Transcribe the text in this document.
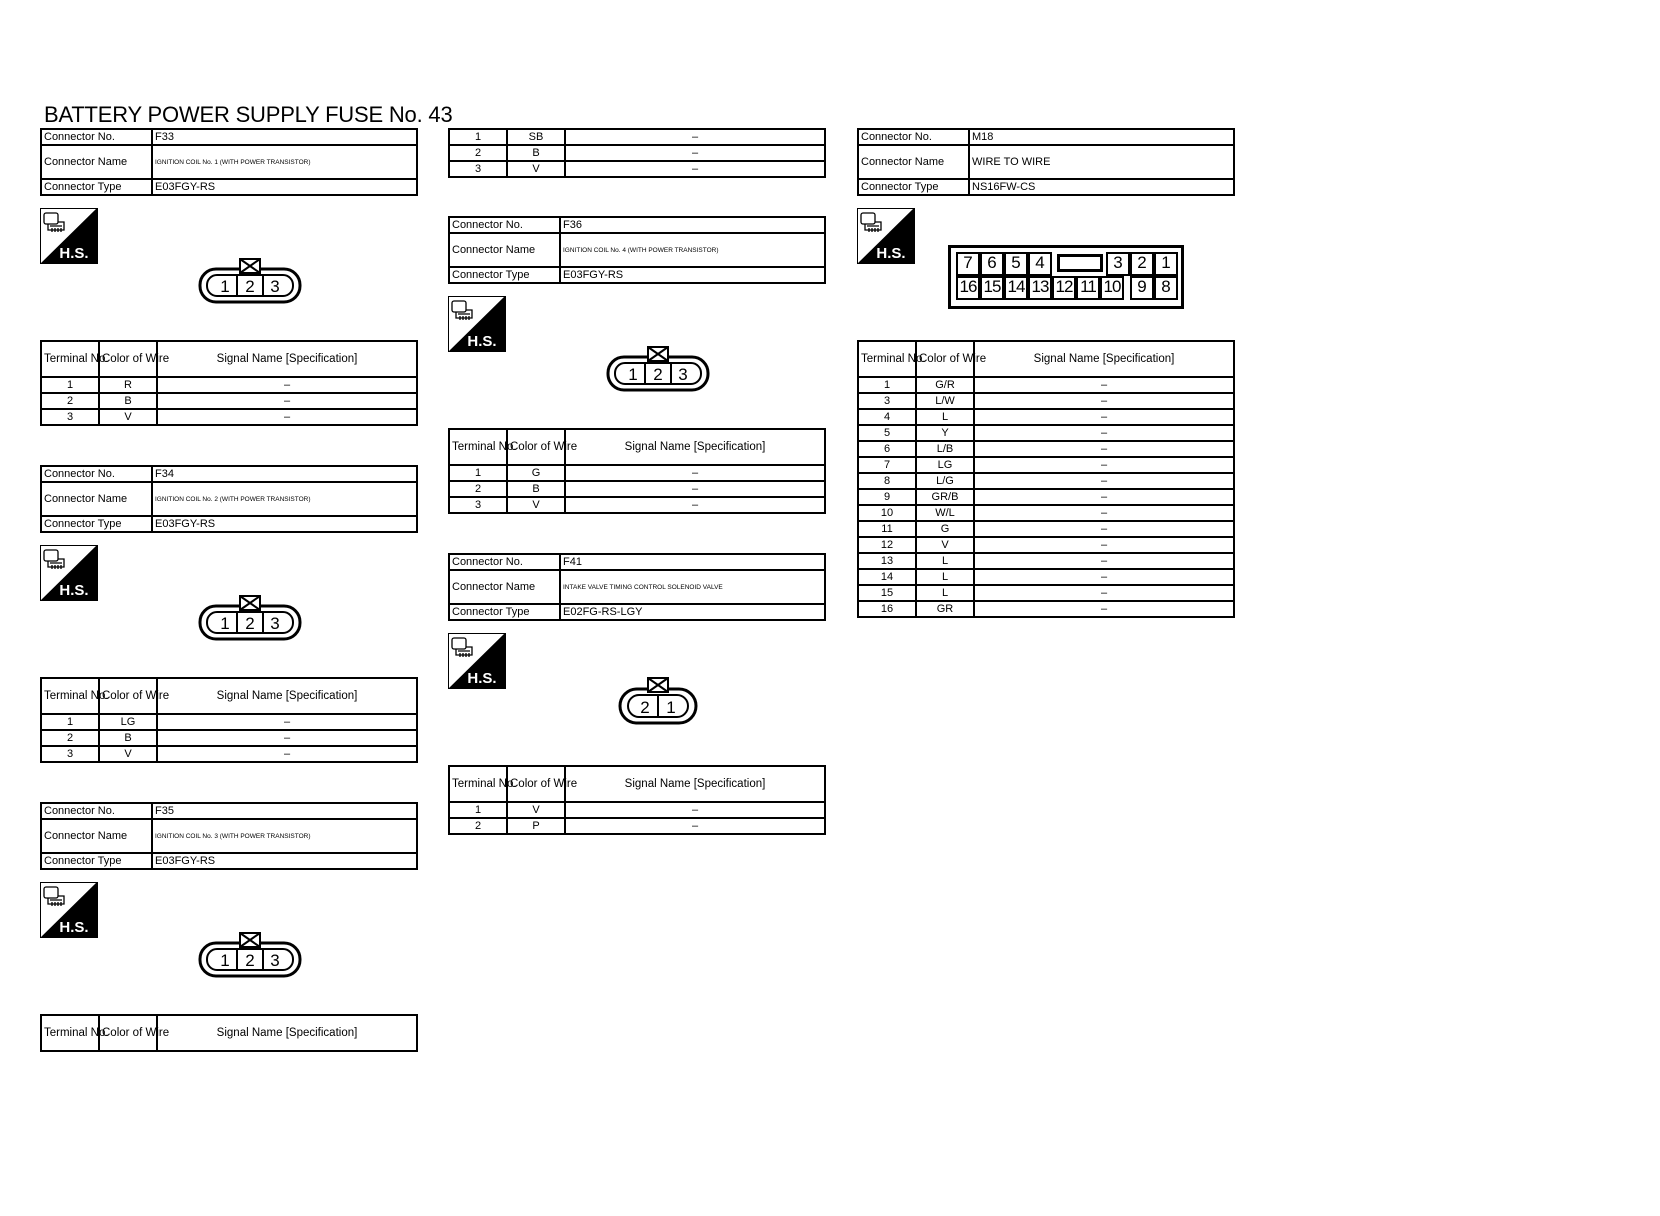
BATTERY POWER SUPPLY FUSE No. 43
Connector No.	F33
Connector Name	IGNITION COIL No. 1 (WITH POWER TRANSISTOR)
Connector Type	E03FGY-RS
H.S.
1 2 3
Terminal No.	Color of Wire	Signal Name [Specification]
1	R	–
2	B	–
3	V	–
Connector No.	F34
Connector Name	IGNITION COIL No. 2 (WITH POWER TRANSISTOR)
Connector Type	E03FGY-RS
H.S.
1 2 3
Terminal No.	Color of Wire	Signal Name [Specification]
1	LG	–
2	B	–
3	V	–
Connector No.	F35
Connector Name	IGNITION COIL No. 3 (WITH POWER TRANSISTOR)
Connector Type	E03FGY-RS
H.S.
1 2 3
Terminal No.	Color of Wire	Signal Name [Specification]
1	SB	–
2	B	–
3	V	–
Connector No.	F36
Connector Name	IGNITION COIL No. 4 (WITH POWER TRANSISTOR)
Connector Type	E03FGY-RS
H.S.
1 2 3
Terminal No.	Color of Wire	Signal Name [Specification]
1	G	–
2	B	–
3	V	–
Connector No.	F41
Connector Name	INTAKE VALVE TIMING CONTROL SOLENOID VALVE
Connector Type	E02FG-RS-LGY
H.S.
2 1
Terminal No.	Color of Wire	Signal Name [Specification]
1	V	–
2	P	–
Connector No.	M18
Connector Name	WIRE TO WIRE
Connector Type	NS16FW-CS
H.S.	7 6 5 4	3 2 1
16 15 14 13 12 11 10 9 8
Terminal No.	Color of Wire	Signal Name [Specification]
1	G/R	–
3	L/W	–
4	L	–
5	Y	–
6	L/B	–
7	LG	–
8	L/G	–
9	GR/B	–
10	W/L	–
11	G	–
12	V	–
13	L	–
14	L	–
15	L	–
16	GR	–
